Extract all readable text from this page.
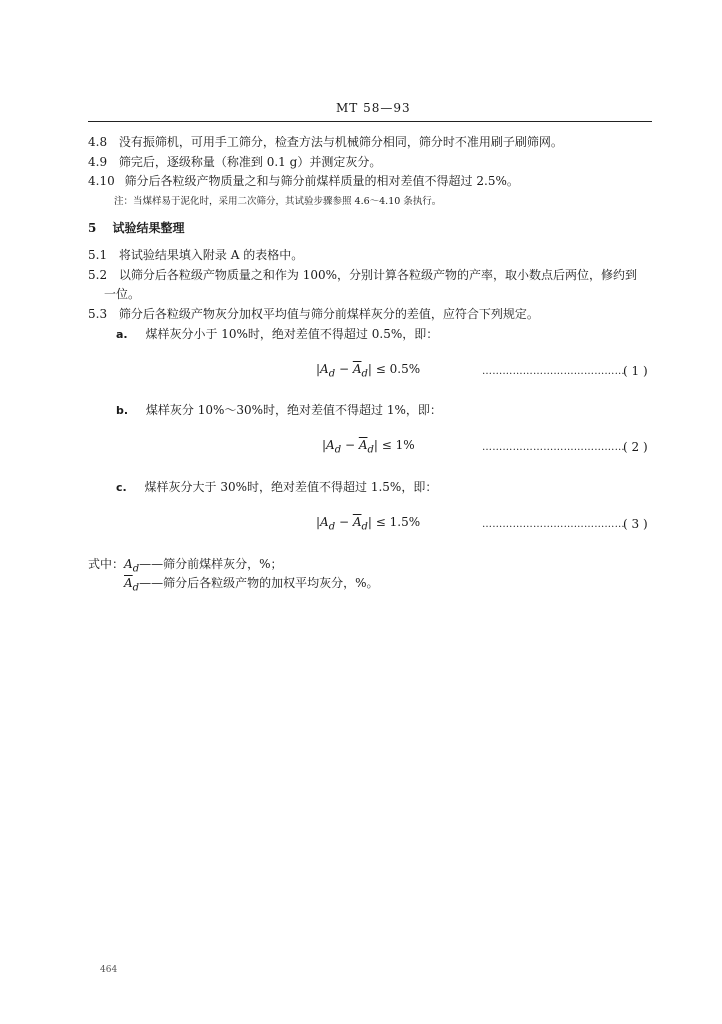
MT 58—93
4.8 没有振筛机，可用手工筛分，检查方法与机械筛分相同，筛分时不准用刷子刷筛网。
4.9 筛完后，逐级称量（称准到 0.1 g）并测定灰分。
4.10 筛分后各粒级产物质量之和与筛分前煤样质量的相对差值不得超过 2.5%。
注：当煤样易于泥化时，采用二次筛分，其试验步骤参照 4.6～4.10 条执行。
5 试验结果整理
5.1 将试验结果填入附录 A 的表格中。
5.2 以筛分后各粒级产物质量之和作为 100%，分别计算各粒级产物的产率，取小数点后两位，修约到
一位。
5.3 筛分后各粒级产物灰分加权平均值与筛分前煤样灰分的差值，应符合下列规定。
a. 煤样灰分小于 10%时，绝对差值不得超过 0.5%，即：
$|A_d - \overline{A}_d| \le 0.5\%$	……………………………………
( 1 )
b. 煤样灰分 10%～30%时，绝对差值不得超过 1%，即：
$|A_d - \overline{A}_d| \le 1\%$	……………………………………
( 2 )
c. 煤样灰分大于 30%时，绝对差值不得超过 1.5%，即：
$|A_d - \overline{A}_d| \le 1.5\%$	……………………………………
( 3 )
式中：$A_d——$筛分前煤样灰分，%；
$\overline{A}_d——$筛分后各粒级产物的加权平均灰分，%。
464
